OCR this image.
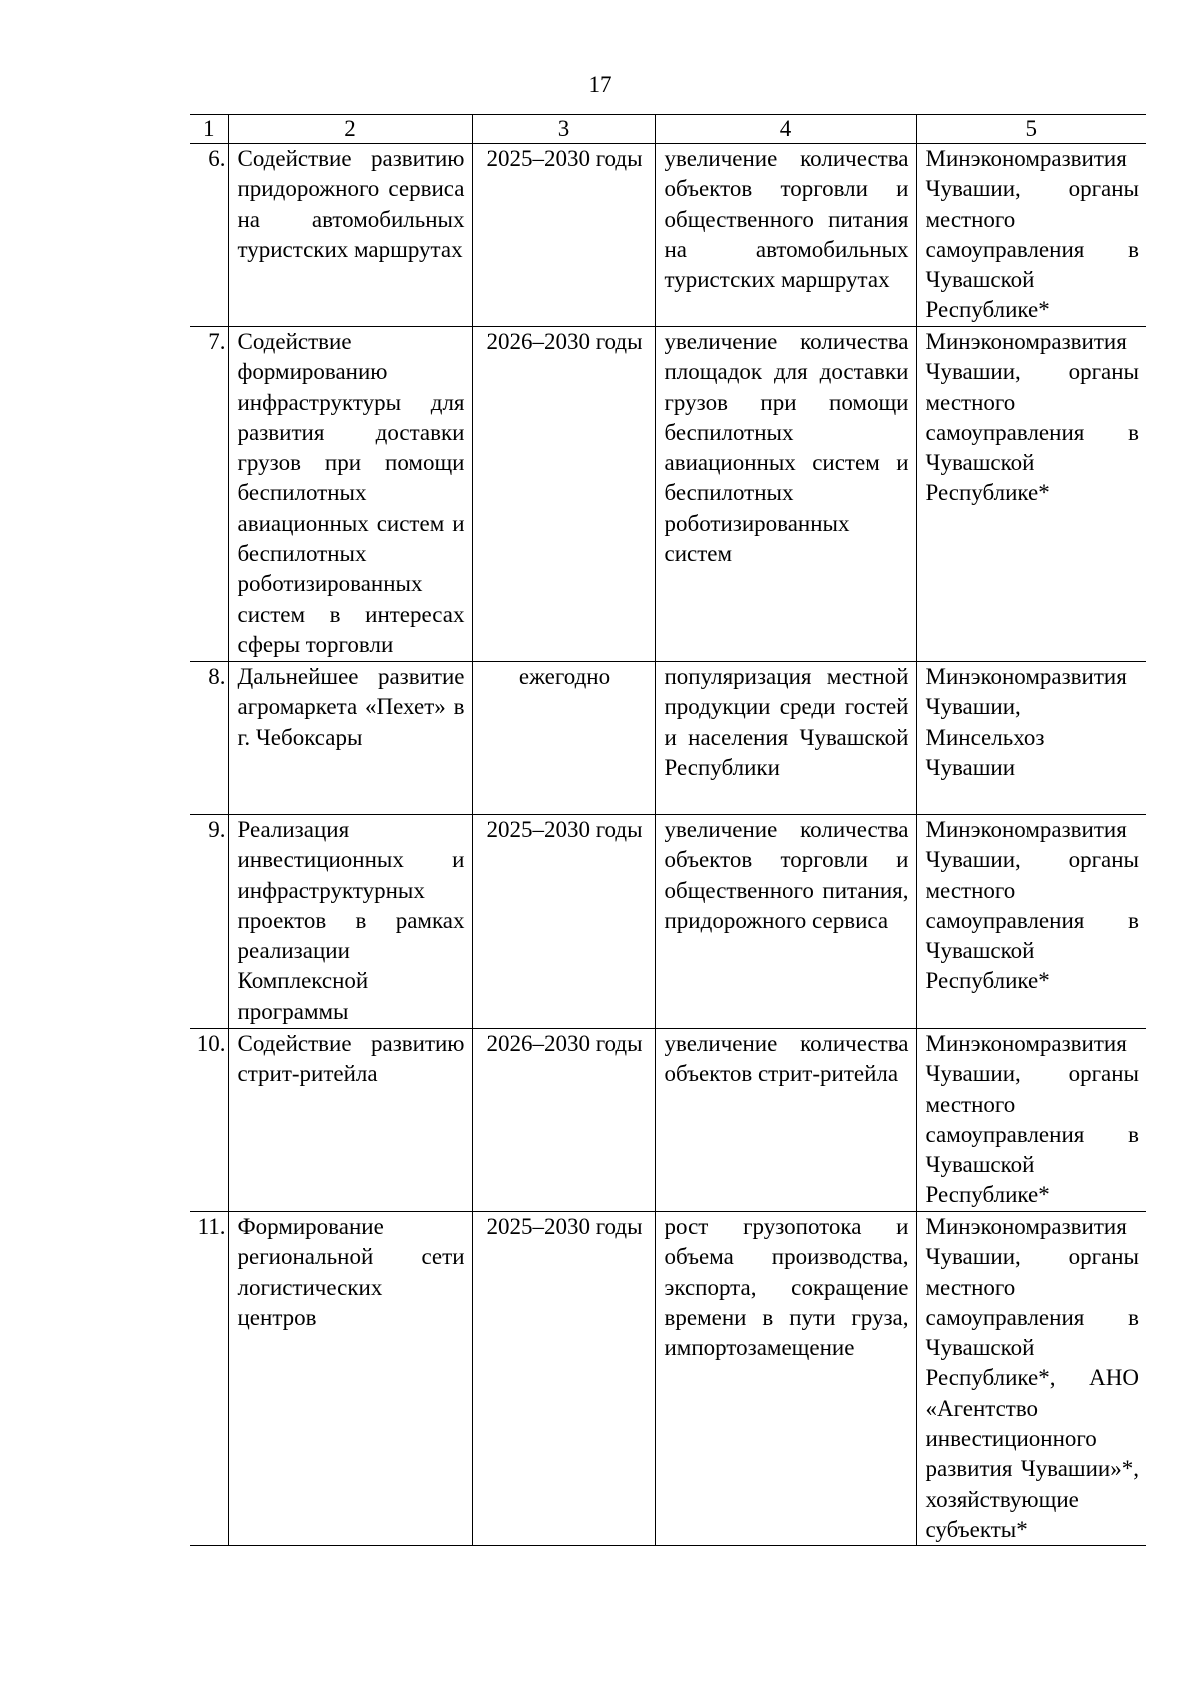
17
1	2	3	4	5
6.	Содействие развитию придорожного сервиса на автомобильных туристских маршрутах	2025–2030 годы	увеличение количества объектов торговли и общественного питания на автомобильных туристских маршрутах	Минэкономразвития Чувашии, органы местного самоуправления в Чувашской Республике*
7.	Содействие формированию инфраструктуры для развития доставки грузов при помощи беспилотных авиационных систем и беспилотных роботизированных систем в интересах сферы торговли	2026–2030 годы	увеличение количества площадок для доставки грузов при помощи беспилотных авиационных систем и беспилотных роботизированных систем	Минэкономразвития Чувашии, органы местного самоуправления в Чувашской Республике*
8.	Дальнейшее развитие агромаркета «Пехет» в г. Чебоксары	ежегодно	популяризация местной продукции среди гостей и населения Чувашской Республики	Минэкономразвития Чувашии, Минсельхоз Чувашии
9.	Реализация инвестиционных и инфраструктурных проектов в рамках реализации Комплексной программы	2025–2030 годы	увеличение количества объектов торговли и общественного питания, придорожного сервиса	Минэкономразвития Чувашии, органы местного самоуправления в Чувашской Республике*
10.	Содействие развитию стрит-ритейла	2026–2030 годы	увеличение количества объектов стрит-ритейла	Минэкономразвития Чувашии, органы местного самоуправления в Чувашской Республике*
11.	Формирование региональной сети логистических центров	2025–2030 годы	рост грузопотока и объема производства, экспорта, сокращение времени в пути груза, импортозамещение	Минэкономразвития Чувашии, органы местного самоуправления в Чувашской Республике*, АНО «Агентство инвестиционного развития Чувашии»*, хозяйствующие субъекты*
